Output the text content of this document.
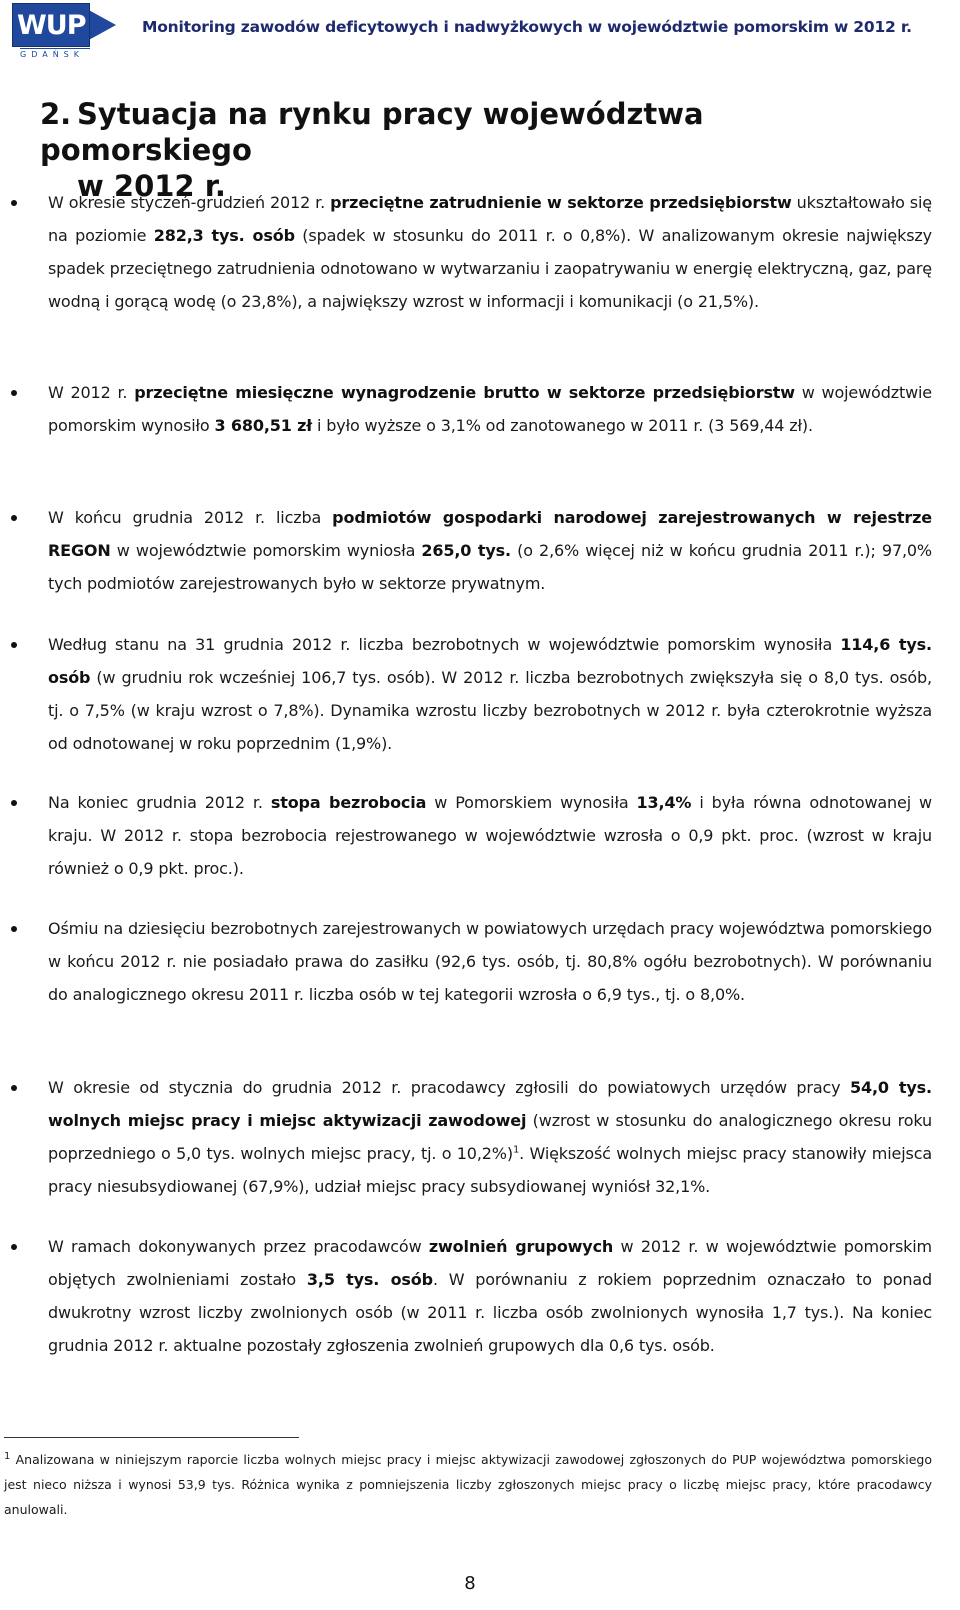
WUP
GDAŃSK
Monitoring zawodów deficytowych i nadwyżkowych w województwie pomorskim w 2012 r.
2. Sytuacja na rynku pracy województwa pomorskiego
w 2012 r.
W okresie styczeń-grudzień 2012 r. przeciętne zatrudnienie w sektorze przedsiębiorstw ukształtowało się na poziomie 282,3 tys. osób (spadek w stosunku do 2011 r. o 0,8%). W analizowanym okresie największy spadek przeciętnego zatrudnienia odnotowano w wytwarzaniu i zaopatrywaniu w energię elektryczną, gaz, parę wodną i gorącą wodę (o 23,8%), a największy wzrost w informacji i komunikacji (o 21,5%).
W 2012 r. przeciętne miesięczne wynagrodzenie brutto w sektorze przedsiębiorstw w województwie pomorskim wynosiło 3 680,51 zł i było wyższe o 3,1% od zanotowanego w 2011 r. (3 569,44 zł).
W końcu grudnia 2012 r. liczba podmiotów gospodarki narodowej zarejestrowanych w rejestrze REGON w województwie pomorskim wyniosła 265,0 tys. (o 2,6% więcej niż w końcu grudnia 2011 r.); 97,0% tych podmiotów zarejestrowanych było w sektorze prywatnym.
Według stanu na 31 grudnia 2012 r. liczba bezrobotnych w województwie pomorskim wynosiła 114,6 tys. osób (w grudniu rok wcześniej 106,7 tys. osób). W 2012 r. liczba bezrobotnych zwiększyła się o 8,0 tys. osób, tj. o 7,5% (w kraju wzrost o 7,8%). Dynamika wzrostu liczby bezrobotnych w 2012 r. była czterokrotnie wyższa od odnotowanej w roku poprzednim (1,9%).
Na koniec grudnia 2012 r. stopa bezrobocia w Pomorskiem wynosiła 13,4% i była równa odnotowanej w kraju. W 2012 r. stopa bezrobocia rejestrowanego w województwie wzrosła o 0,9 pkt. proc. (wzrost w kraju również o 0,9 pkt. proc.).
Ośmiu na dziesięciu bezrobotnych zarejestrowanych w powiatowych urzędach pracy województwa pomorskiego w końcu 2012 r. nie posiadało prawa do zasiłku (92,6 tys. osób, tj. 80,8% ogółu bezrobotnych). W porównaniu do analogicznego okresu 2011 r. liczba osób w tej kategorii wzrosła o 6,9 tys., tj. o 8,0%.
W okresie od stycznia do grudnia 2012 r. pracodawcy zgłosili do powiatowych urzędów pracy 54,0 tys. wolnych miejsc pracy i miejsc aktywizacji zawodowej (wzrost w stosunku do analogicznego okresu roku poprzedniego o 5,0 tys. wolnych miejsc pracy, tj. o 10,2%)$^1$. Większość wolnych miejsc pracy stanowiły miejsca pracy niesubsydiowanej (67,9%), udział miejsc pracy subsydiowanej wyniósł 32,1%.
W ramach dokonywanych przez pracodawców zwolnień grupowych w 2012 r. w województwie pomorskim objętych zwolnieniami zostało 3,5 tys. osób. W porównaniu z rokiem poprzednim oznaczało to ponad dwukrotny wzrost liczby zwolnionych osób (w 2011 r. liczba osób zwolnionych wynosiła 1,7 tys.). Na koniec grudnia 2012 r. aktualne pozostały zgłoszenia zwolnień grupowych dla 0,6 tys. osób.
$^1$ Analizowana w niniejszym raporcie liczba wolnych miejsc pracy i miejsc aktywizacji zawodowej zgłoszonych do PUP województwa pomorskiego jest nieco niższa i wynosi 53,9 tys. Różnica wynika z pomniejszenia liczby zgłoszonych miejsc pracy o liczbę miejsc pracy, które pracodawcy anulowali.
8
